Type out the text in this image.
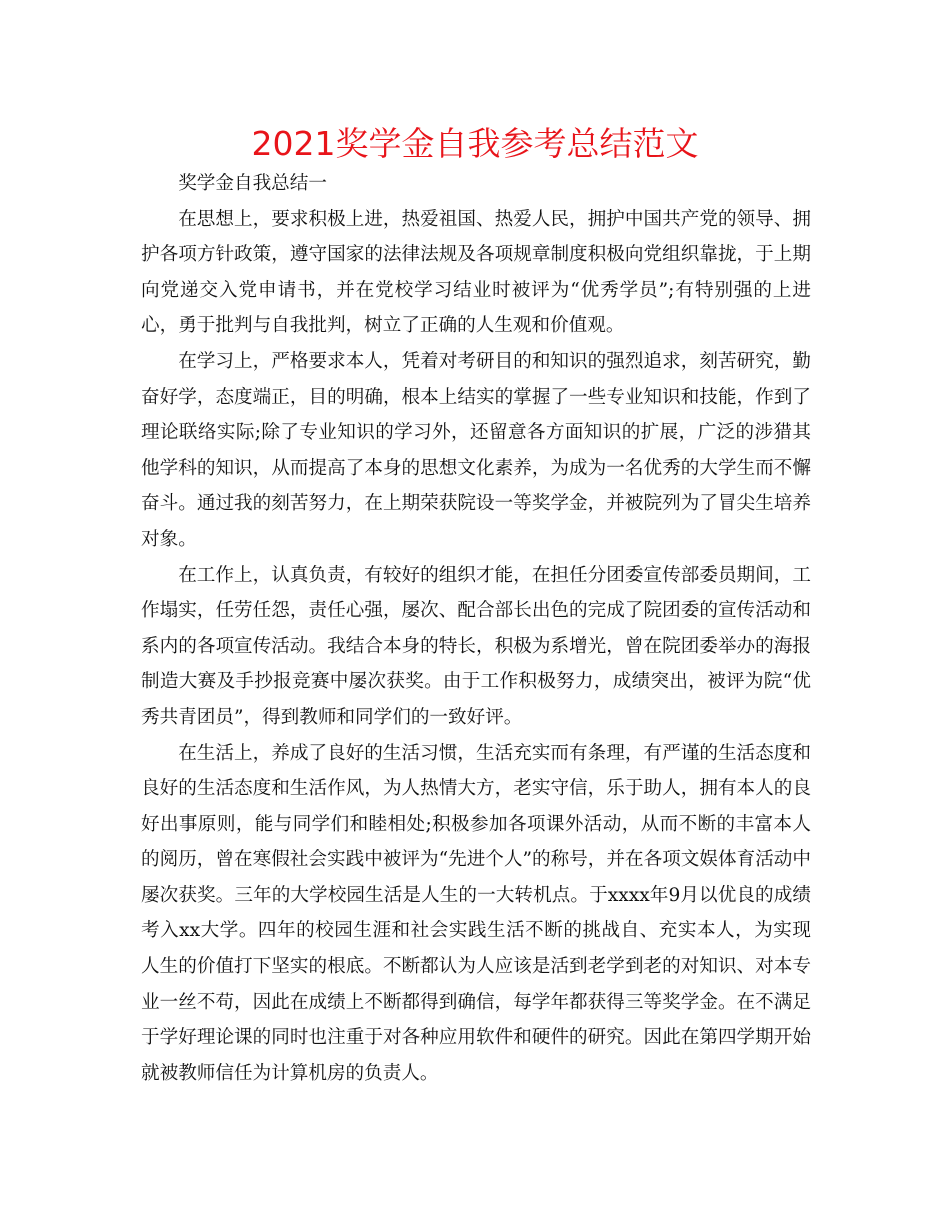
2021奖学金自我参考总结范文

奖学金自我总结一

在思想上，要求积极上进，热爱祖国、热爱人民，拥护中国共产党的领导、拥护各项方针政策，遵守国家的法律法规及各项规章制度积极向党组织靠拢，于上期向党递交入党申请书，并在党校学习结业时被评为“优秀学员”;有特别强的上进心，勇于批判与自我批判，树立了正确的人生观和价值观。

在学习上，严格要求本人，凭着对考研目的和知识的强烈追求，刻苦研究，勤奋好学，态度端正，目的明确，根本上结实的掌握了一些专业知识和技能，作到了理论联络实际;除了专业知识的学习外，还留意各方面知识的扩展，广泛的涉猎其他学科的知识，从而提高了本身的思想文化素养，为成为一名优秀的大学生而不懈奋斗。通过我的刻苦努力，在上期荣获院设一等奖学金，并被院列为了冒尖生培养对象。

在工作上，认真负责，有较好的组织才能，在担任分团委宣传部委员期间，工作塌实，任劳任怨，责任心强，屡次、配合部长出色的完成了院团委的宣传活动和系内的各项宣传活动。我结合本身的特长，积极为系增光，曾在院团委举办的海报制造大赛及手抄报竞赛中屡次获奖。由于工作积极努力，成绩突出，被评为院“优秀共青团员”，得到教师和同学们的一致好评。

在生活上，养成了良好的生活习惯，生活充实而有条理，有严谨的生活态度和良好的生活态度和生活作风，为人热情大方，老实守信，乐于助人，拥有本人的良好出事原则，能与同学们和睦相处;积极参加各项课外活动，从而不断的丰富本人的阅历，曾在寒假社会实践中被评为“先进个人”的称号，并在各项文娱体育活动中屡次获奖。三年的大学校园生活是人生的一大转机点。于xxxx年9月以优良的成绩考入xx大学。四年的校园生涯和社会实践生活不断的挑战自、充实本人，为实现人生的价值打下坚实的根底。不断都认为人应该是活到老学到老的对知识、对本专业一丝不苟，因此在成绩上不断都得到确信，每学年都获得三等奖学金。在不满足于学好理论课的同时也注重于对各种应用软件和硬件的研究。因此在第四学期开始就被教师信任为计算机房的负责人。
